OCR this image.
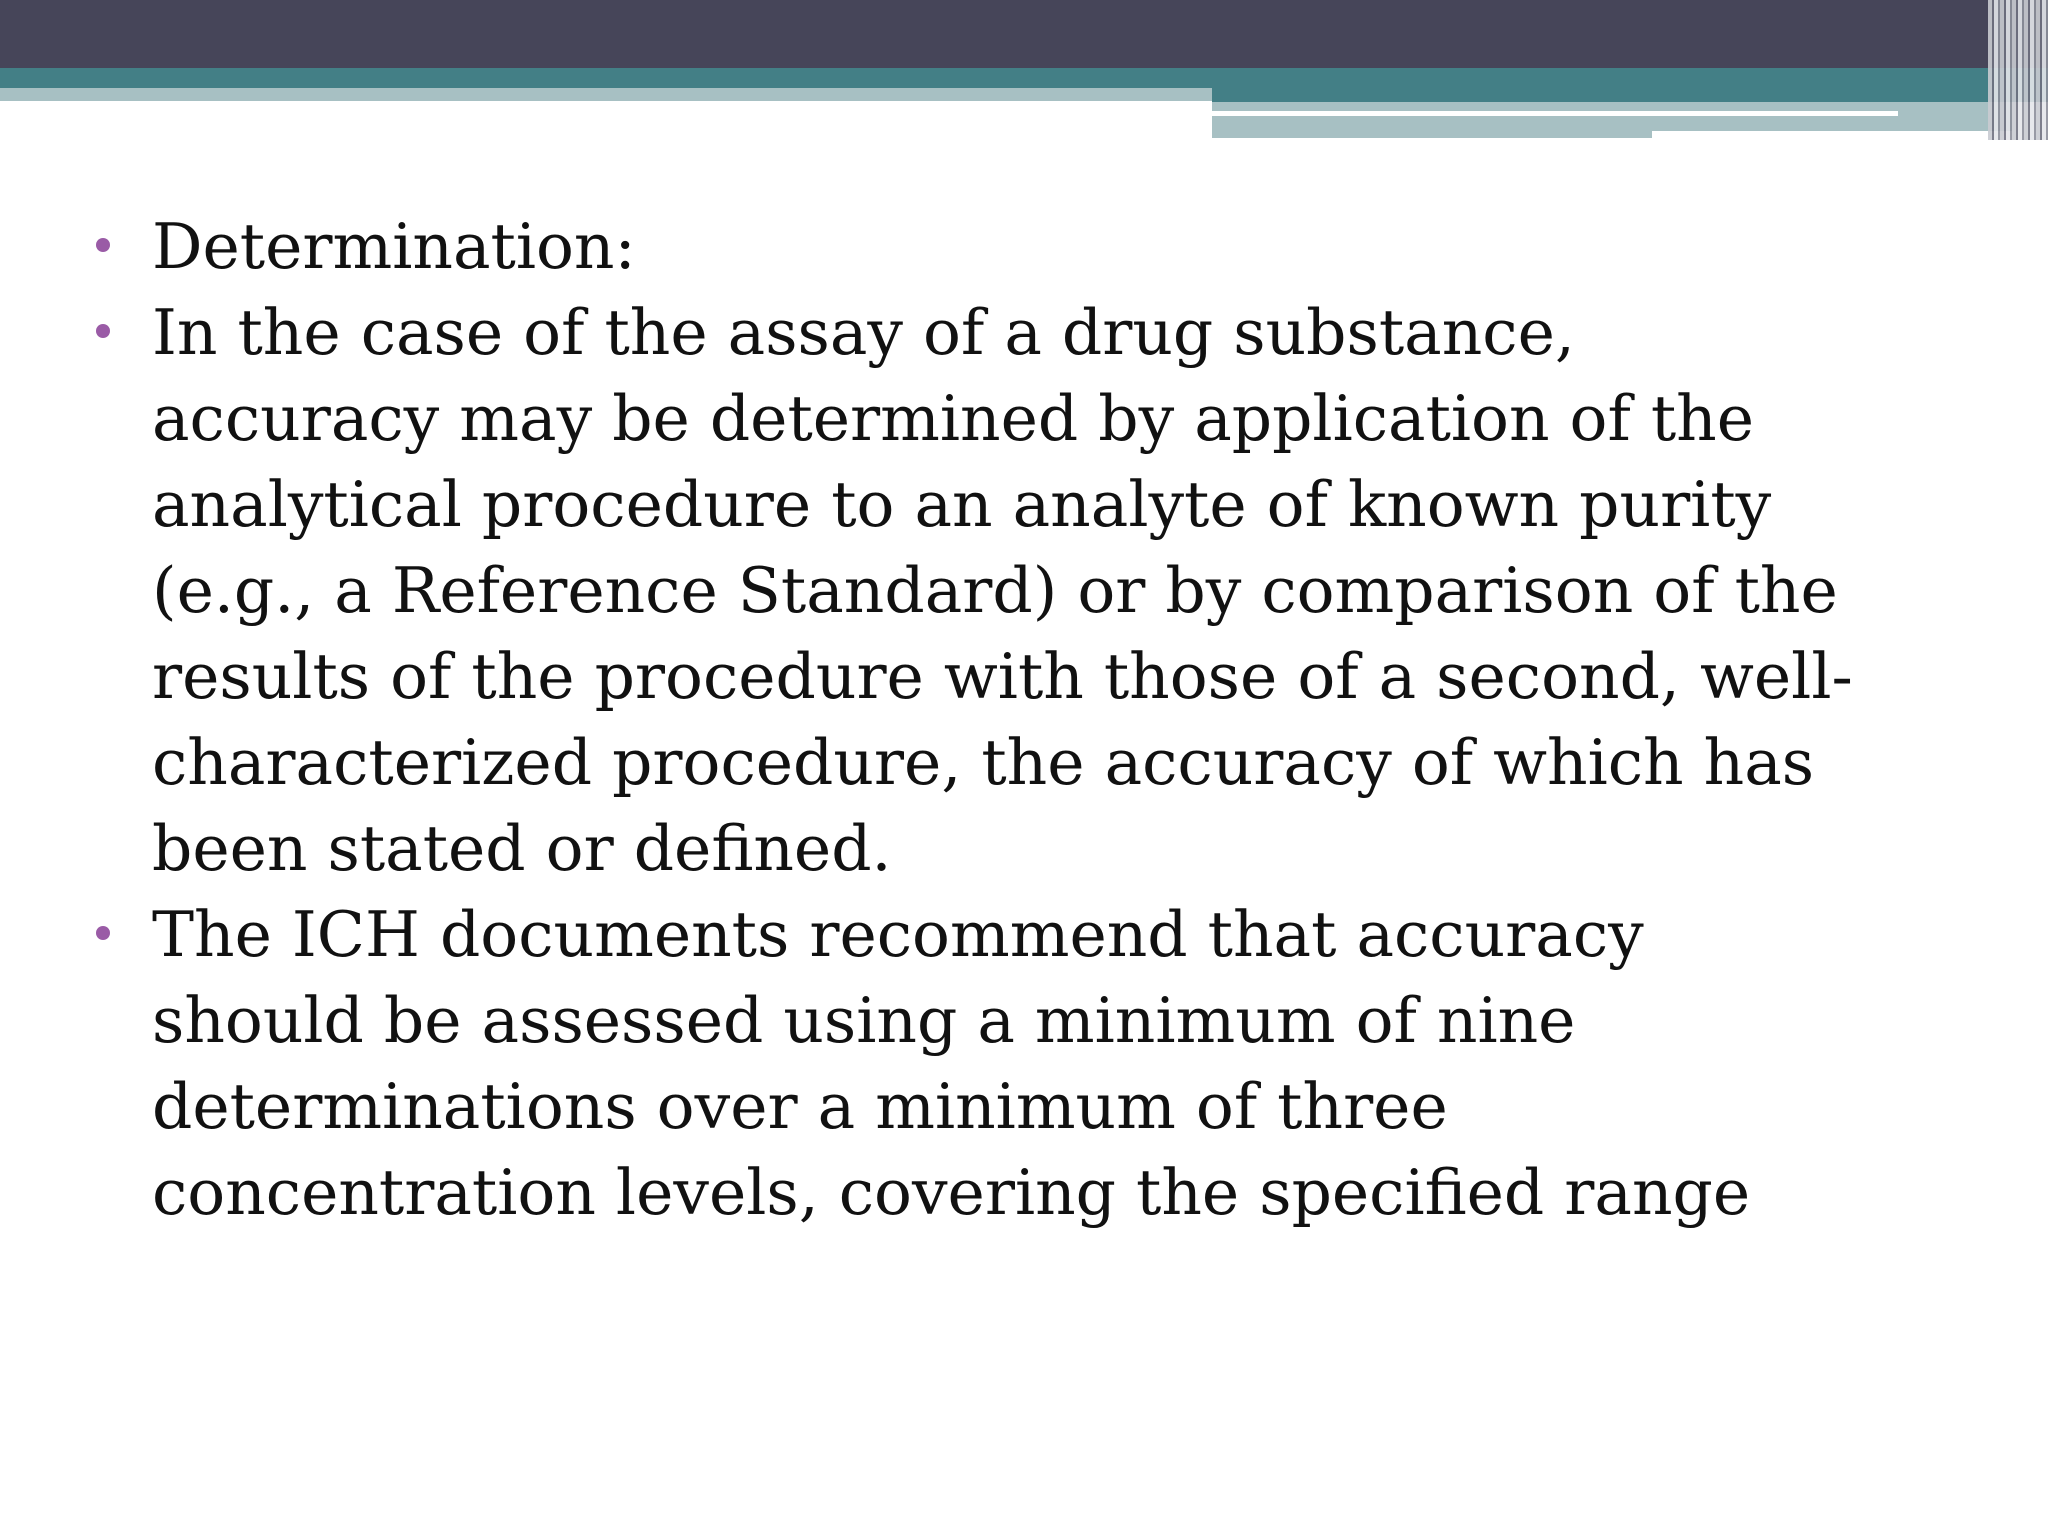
Determination:

In the case of the assay of a drug substance,
accuracy may be determined by application of the
analytical procedure to an analyte of known purity
(e.g., a Reference Standard) or by comparison of the
results of the procedure with those of a second, well-
characterized procedure, the accuracy of which has
been stated or defined.

The ICH documents recommend that accuracy
should be assessed using a minimum of nine
determinations over a minimum of three
concentration levels, covering the specified range
